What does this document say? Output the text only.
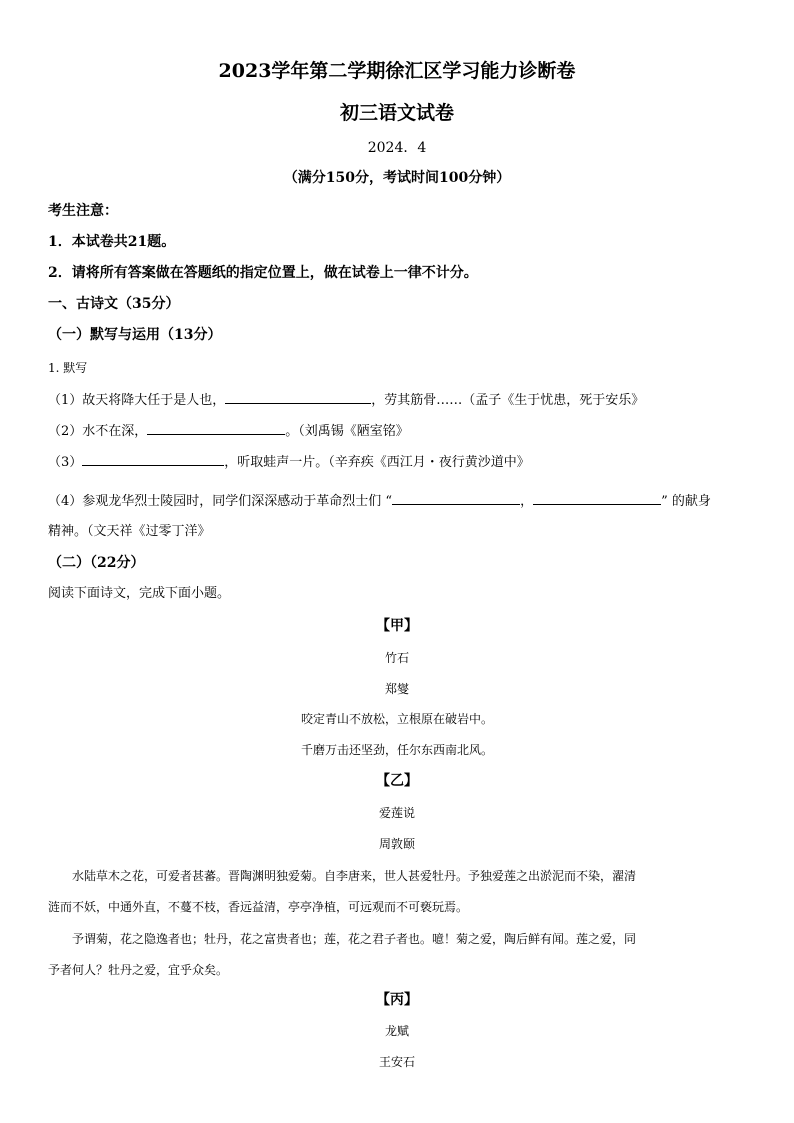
2023学年第二学期徐汇区学习能力诊断卷
初三语文试卷
2024．4
（满分150分，考试时间100分钟）
考生注意：
1．本试卷共21题。
2．请将所有答案做在答题纸的指定位置上，做在试卷上一律不计分。
一、古诗文（35分）
（一）默写与运用（13分）
1. 默写
（1）故天将降大任于是人也，	，劳其筋骨……（孟子《生于忧患，死于安乐》
（2）水不在深，	。（刘禹锡《陋室铭》
（3）	，听取蛙声一片。（辛弃疾《西江月・夜行黄沙道中》
（4）参观龙华烈士陵园时，同学们深深感动于革命烈士们 “	，	” 的献身
精神。（文天祥《过零丁洋》
（二）（22分）
阅读下面诗文，完成下面小题。
【甲】
竹石
郑燮
咬定青山不放松，立根原在破岩中。
千磨万击还坚劲，任尔东西南北风。
【乙】
爱莲说
周敦颐
水陆草木之花，可爱者甚蕃。晋陶渊明独爱菊。自李唐来，世人甚爱牡丹。予独爱莲之出淤泥而不染，濯清
涟而不妖，中通外直，不蔓不枝，香远益清，亭亭净植，可远观而不可亵玩焉。
予谓菊，花之隐逸者也；牡丹，花之富贵者也；莲，花之君子者也。噫！菊之爱，陶后鲜有闻。莲之爱，同
予者何人？牡丹之爱，宜乎众矣。
【丙】
龙赋
王安石
